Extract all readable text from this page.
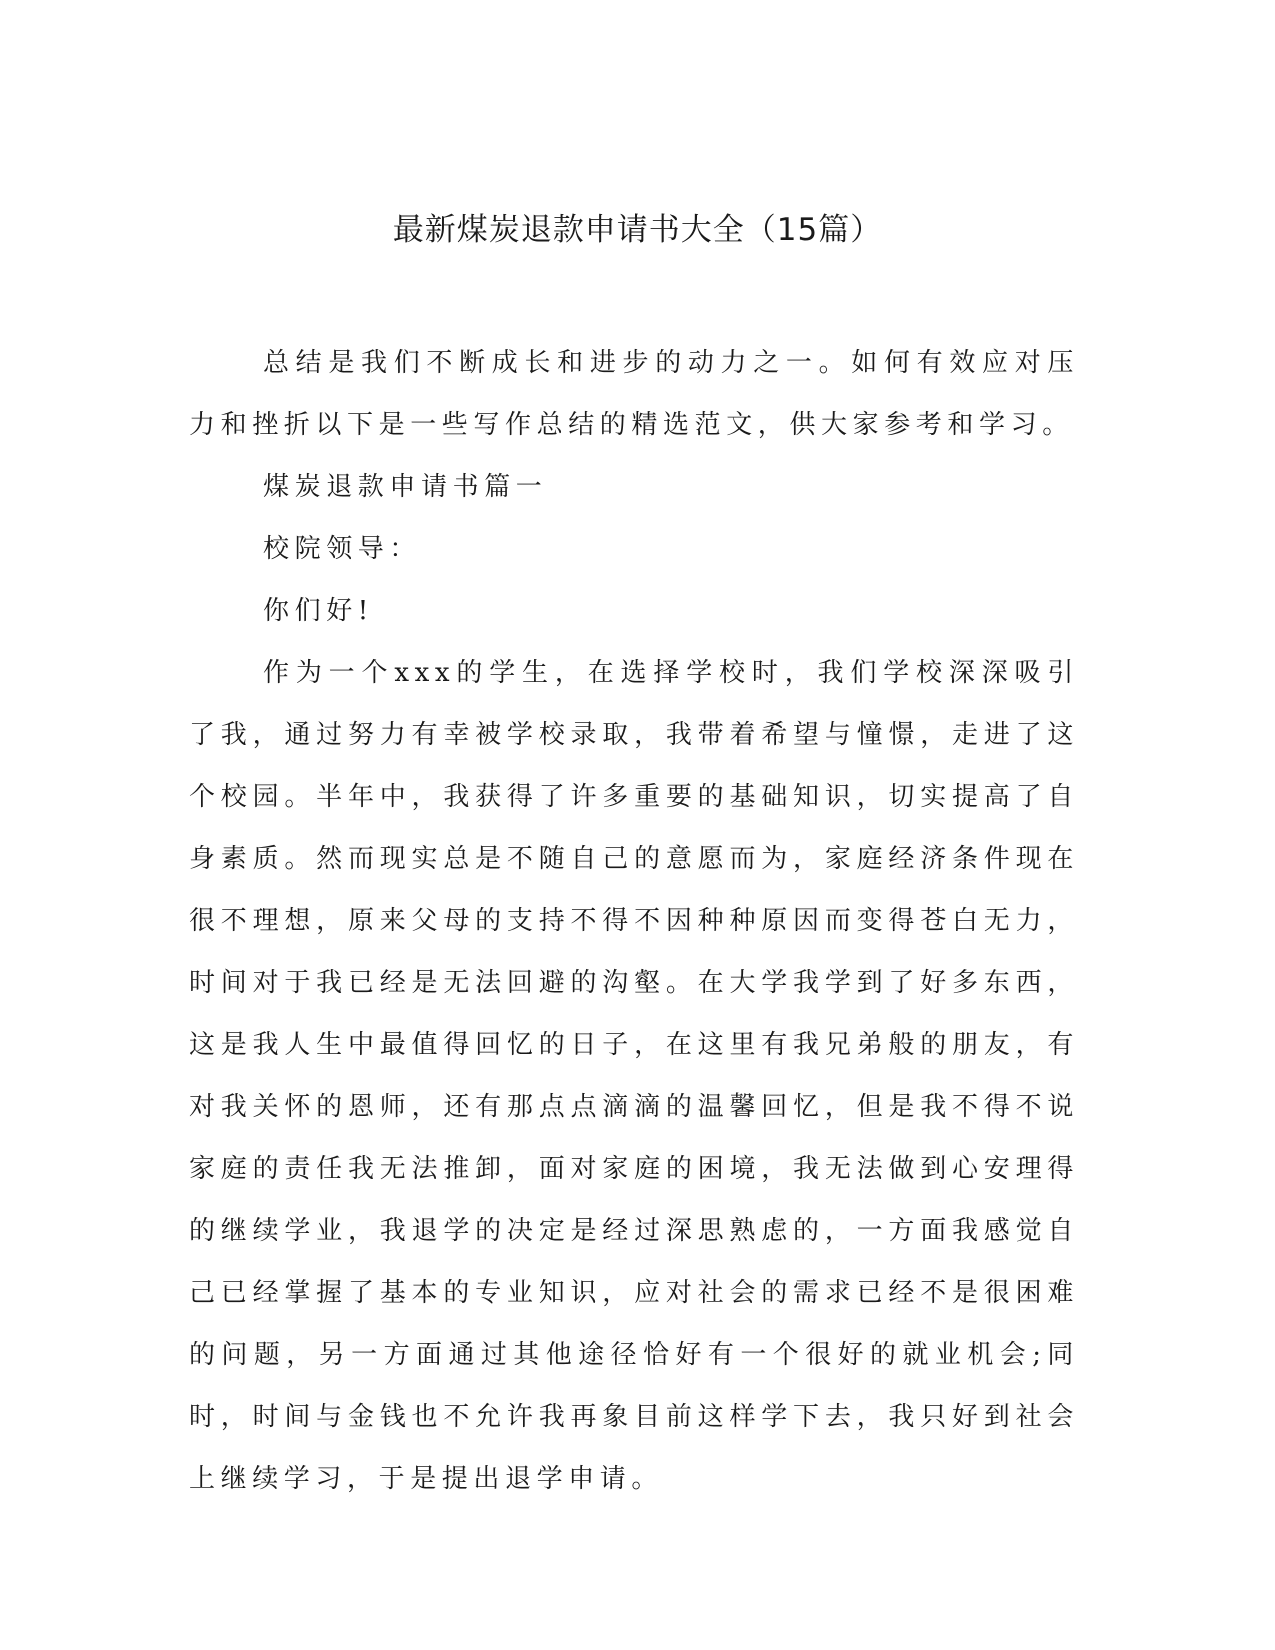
最新煤炭退款申请书大全（15篇）

总结是我们不断成长和进步的动力之一。如何有效应对压力和挫折以下是一些写作总结的精选范文，供大家参考和学习。

煤炭退款申请书篇一

校院领导：

你们好!

作为一个xxx的学生，在选择学校时，我们学校深深吸引了我，通过努力有幸被学校录取，我带着希望与憧憬，走进了这个校园。半年中，我获得了许多重要的基础知识，切实提高了自身素质。然而现实总是不随自己的意愿而为，家庭经济条件现在很不理想，原来父母的支持不得不因种种原因而变得苍白无力，时间对于我已经是无法回避的沟壑。在大学我学到了好多东西，这是我人生中最值得回忆的日子，在这里有我兄弟般的朋友，有对我关怀的恩师，还有那点点滴滴的温馨回忆，但是我不得不说家庭的责任我无法推卸，面对家庭的困境，我无法做到心安理得的继续学业，我退学的决定是经过深思熟虑的，一方面我感觉自己已经掌握了基本的专业知识，应对社会的需求已经不是很困难的问题，另一方面通过其他途径恰好有一个很好的就业机会;同时，时间与金钱也不允许我再象目前这样学下去，我只好到社会上继续学习，于是提出退学申请。
